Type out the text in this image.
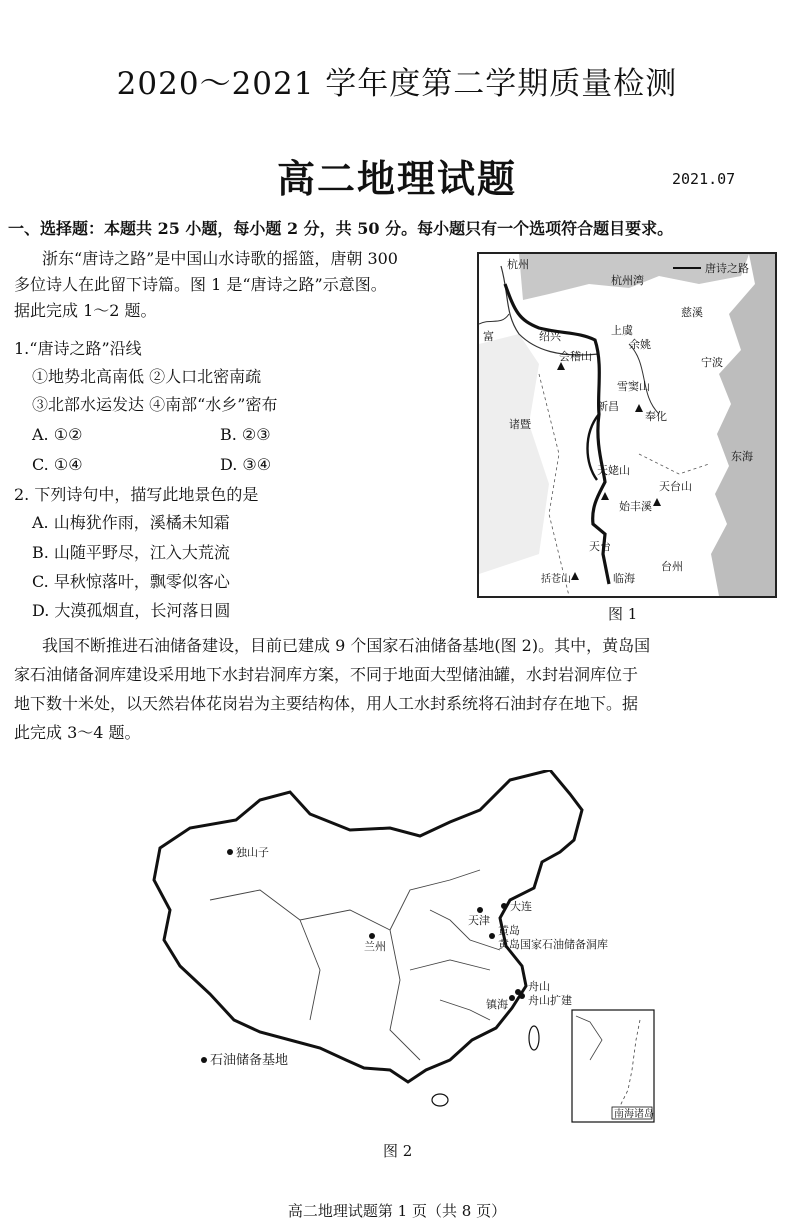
2020～2021 学年度第二学期质量检测
高二地理试题	2021.07
一、选择题：本题共 25 小题，每小题 2 分，共 50 分。每小题只有一个选项符合题目要求。
浙东“唐诗之路”是中国山水诗歌的摇篮，唐朝 300
多位诗人在此留下诗篇。图 1 是“唐诗之路”示意图。
据此完成 1～2 题。
1.“唐诗之路”沿线
①地势北高南低 ②人口北密南疏
③北部水运发达 ④南部“水乡”密布
A. ①②	B. ②③
C. ①④	D. ③④
2. 下列诗句中，描写此地景色的是
A. 山梅犹作雨，溪橘未知霜
B. 山随平野尽，江入大荒流
C. 早秋惊落叶，飘零似客心
D. 大漠孤烟直，长河落日圆
唐诗之路
杭州
杭州湾
慈溪
富	绍兴
会稽山
上虞
余姚
宁波
诸暨
雪窦山
新昌
奉化
天姥山
天台山
始丰溪
天台
东海
括苍山	临海
台州
图 1
我国不断推进石油储备建设，目前已建成 9 个国家石油储备基地(图 2)。其中，黄岛国
家石油储备洞库建设采用地下水封岩洞库方案，不同于地面大型储油罐，水封岩洞库位于
地下数十米处，以天然岩体花岗岩为主要结构体，用人工水封系统将石油封存在地下。据
此完成 3～4 题。
南海诸岛
独山子
大连
天津
兰州
黄岛
黄岛国家石油储备洞库
舟山
镇海 舟山扩建
石油储备基地
图 2
高二地理试题第 1 页（共 8 页）
